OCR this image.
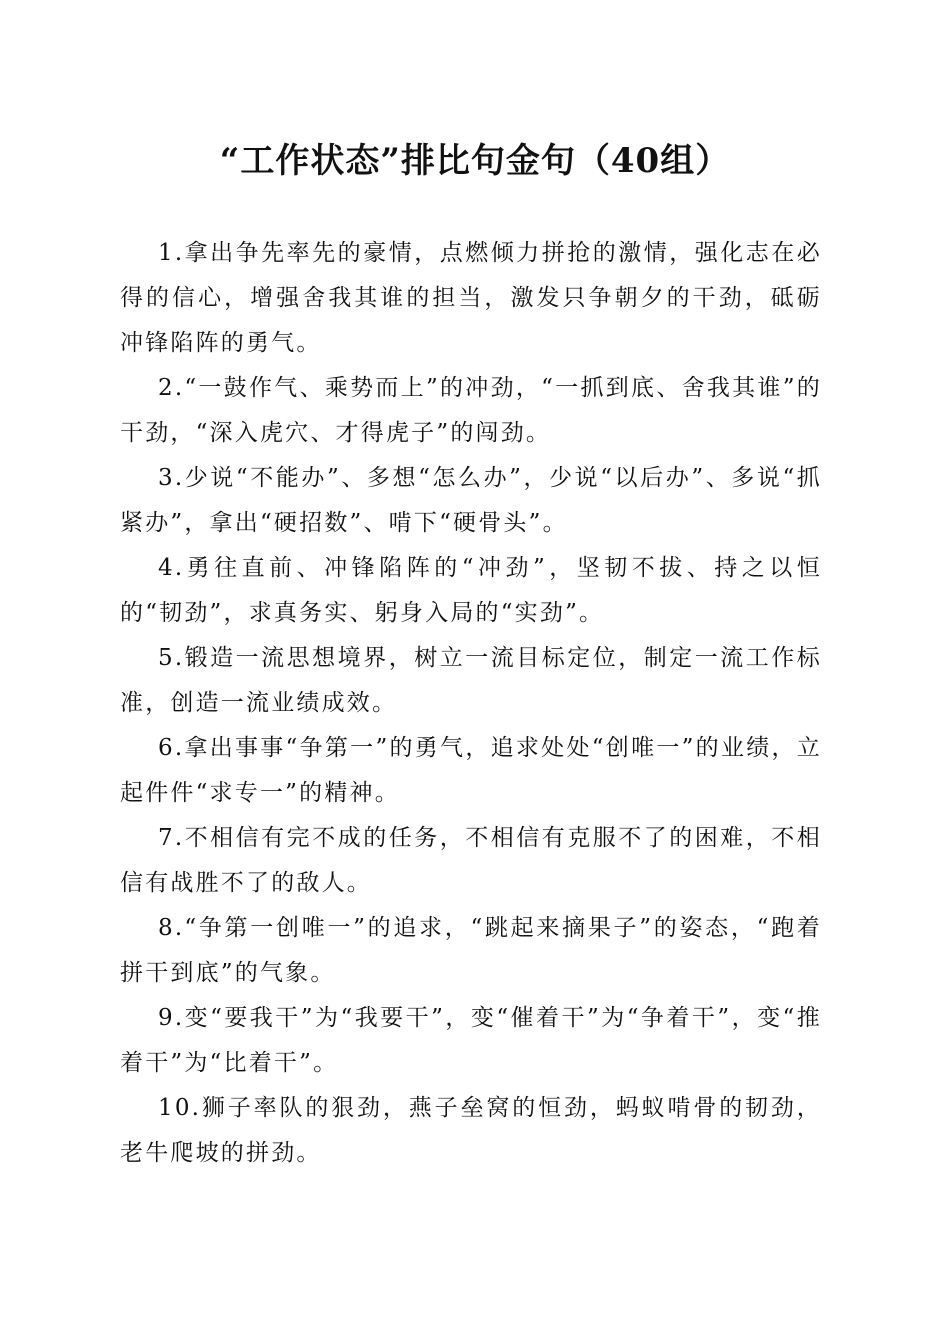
“工作状态”排比句金句（40组）

1.拿出争先率先的豪情，点燃倾力拼抢的激情，强化志在必得的信心，增强舍我其谁的担当，激发只争朝夕的干劲，砥砺冲锋陷阵的勇气。

2.“一鼓作气、乘势而上”的冲劲，“一抓到底、舍我其谁”的干劲，“深入虎穴、才得虎子”的闯劲。

3.少说“不能办”、多想“怎么办”，少说“以后办”、多说“抓紧办”，拿出“硬招数”、啃下“硬骨头”。

4.勇往直前、冲锋陷阵的“冲劲”，坚韧不拔、持之以恒的“韧劲”，求真务实、躬身入局的“实劲”。

5.锻造一流思想境界，树立一流目标定位，制定一流工作标准，创造一流业绩成效。

6.拿出事事“争第一”的勇气，追求处处“创唯一”的业绩，立起件件“求专一”的精神。

7.不相信有完不成的任务，不相信有克服不了的困难，不相信有战胜不了的敌人。

8.“争第一创唯一”的追求，“跳起来摘果子”的姿态，“跑着拼干到底”的气象。

9.变“要我干”为“我要干”，变“催着干”为“争着干”，变“推着干”为“比着干”。

10.狮子率队的狠劲，燕子垒窝的恒劲，蚂蚁啃骨的韧劲，老牛爬坡的拼劲。
